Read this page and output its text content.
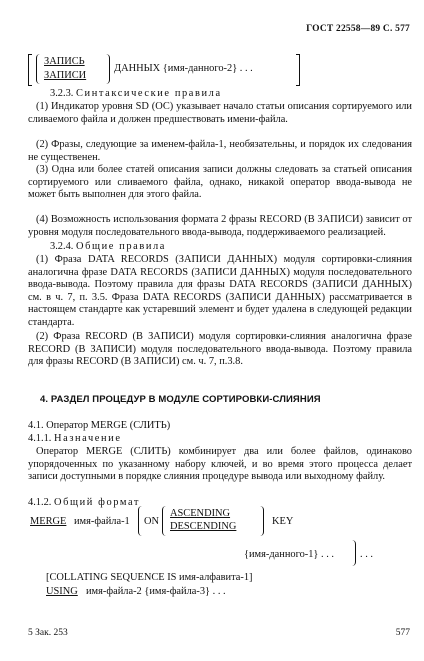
ГОСТ 22558—89 С. 577
ЗАПИСЬ
ЗАПИСИ
ДАННЫХ {имя-данного-2} . . .

3.2.3. Синтаксические правила

(1) Индикатор уровня SD (ОС) указывает начало статьи описания сортируемого или сливаемого файла и должен предшествовать имени-файла.

(2) Фразы, следующие за именем-файла-1, необязательны, и порядок их следования не существенен.

(3) Одна или более статей описания записи должны следовать за статьей описания сортируемого или сливаемого файла, однако, никакой оператор ввода-вывода не может быть выполнен для этого файла.

(4) Возможность использования формата 2 фразы RECORD (В ЗАПИСИ) зависит от уровня модуля последовательного ввода-вывода, поддерживаемого реализацией.

3.2.4. Общие правила

(1) Фраза DATA RECORDS (ЗАПИСИ ДАННЫХ) модуля сортировки-слияния аналогична фразе DATA RECORDS (ЗАПИСИ ДАННЫХ) модуля последовательного ввода-вывода. Поэтому правила для фразы DATA RECORDS (ЗАПИСИ ДАННЫХ) см. в ч. 7, п. 3.5. Фраза DATA RECORDS (ЗАПИСИ ДАННЫХ) рассматривается в настоящем стандарте как устаревший элемент и будет удалена в следующей редакции стандарта.

(2) Фраза RECORD (В ЗАПИСИ) модуля сортировки-слияния аналогична фразе RECORD (В ЗАПИСИ) модуля последовательного ввода-вывода. Поэтому правила для фразы RECORD (В ЗАПИСИ) см. ч. 7, п.3.8.

4. РАЗДЕЛ ПРОЦЕДУР В МОДУЛЕ СОРТИРОВКИ-СЛИЯНИЯ

4.1. Оператор MERGE (СЛИТЬ)

4.1.1. Назначение

Оператор MERGE (СЛИТЬ) комбинирует два или более файлов, одинаково упорядоченных по указанному набору ключей, и во время этого процесса делает записи доступными в порядке слияния процедуре вывода или выходному файлу.

4.1.2. Общий формат

MERGE имя-файла-1 ON
ASCENDING
DESCENDING	KEY
{имя-данного-1} . . . . . .
[COLLATING SEQUENCE IS имя-алфавита-1]
USING имя-файла-2 {имя-файла-3} . . .
5 Зак. 253	577
